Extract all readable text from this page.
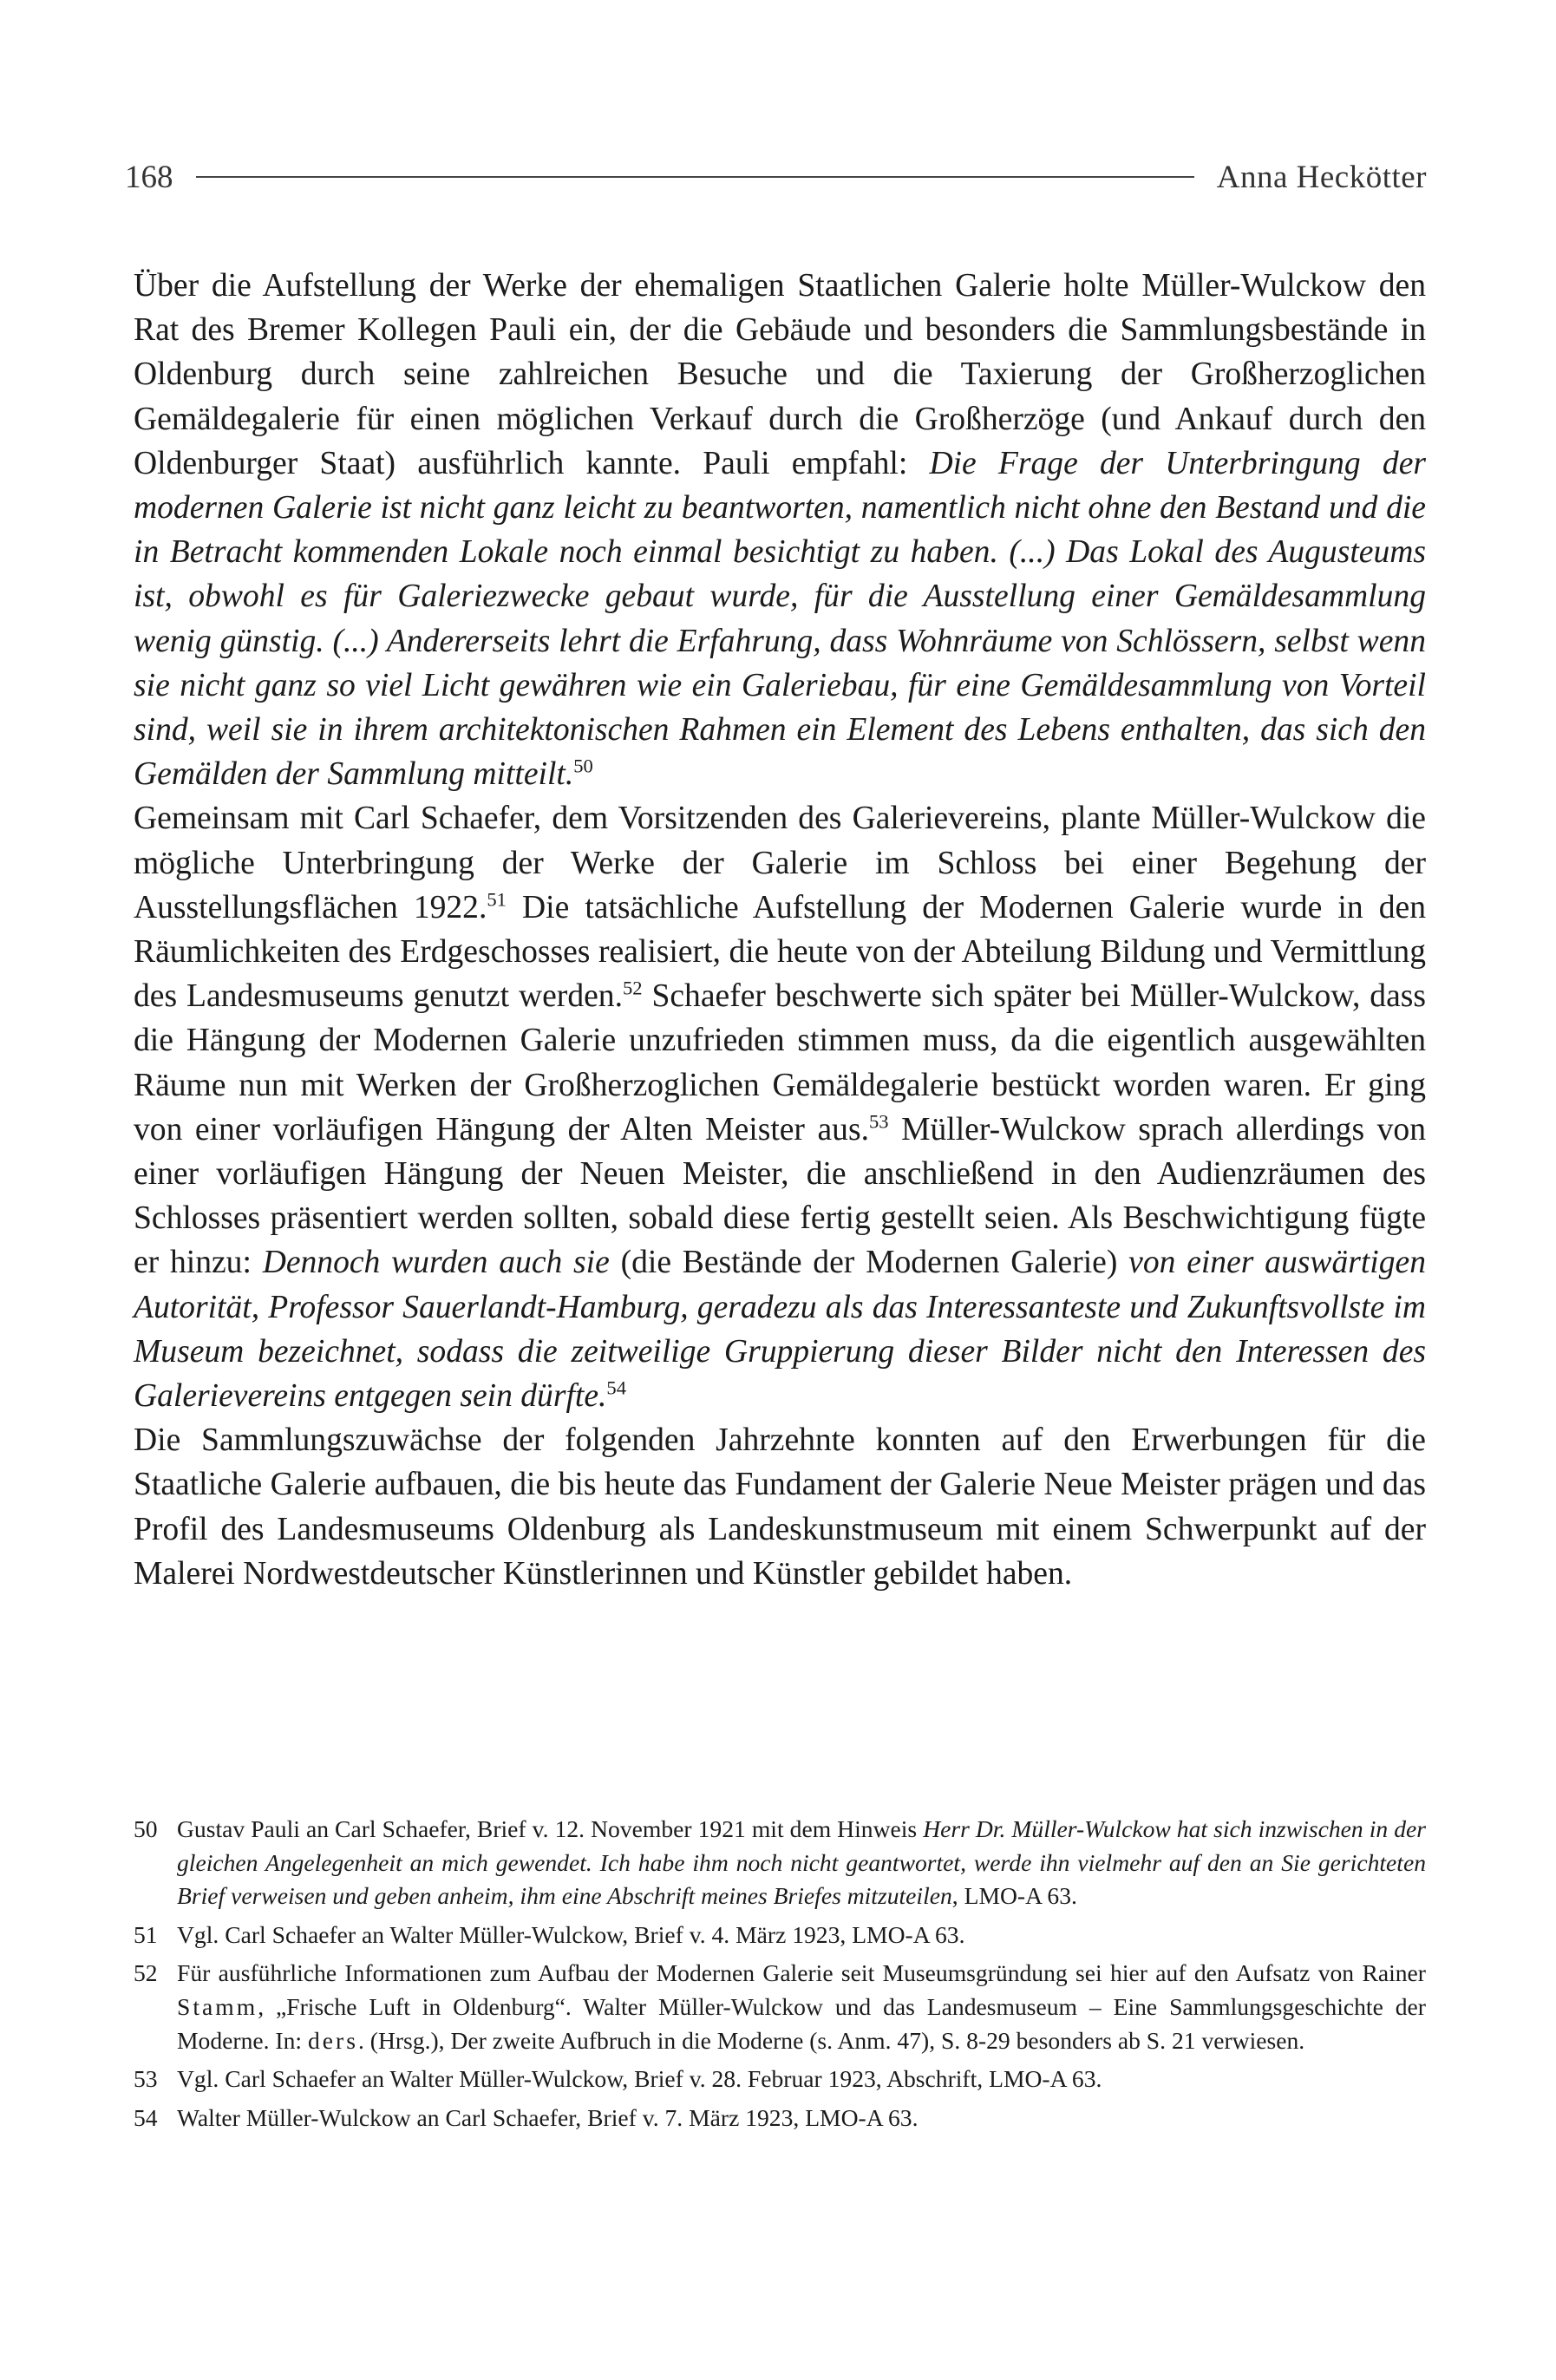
168	Anna Heckötter

Über die Aufstellung der Werke der ehemaligen Staatlichen Galerie holte Müller-Wulckow den Rat des Bremer Kollegen Pauli ein, der die Gebäude und besonders die Sammlungsbestände in Oldenburg durch seine zahlreichen Besuche und die Taxierung der Großherzoglichen Gemäldegalerie für einen möglichen Verkauf durch die Großherzöge (und Ankauf durch den Oldenburger Staat) ausführlich kannte. Pauli empfahl: Die Frage der Unterbringung der modernen Galerie ist nicht ganz leicht zu beantworten, namentlich nicht ohne den Bestand und die in Betracht kommenden Lokale noch einmal besichtigt zu haben. (...) Das Lokal des Augusteums ist, obwohl es für Galeriezwecke gebaut wurde, für die Ausstellung einer Gemäldesammlung wenig günstig. (...) Andererseits lehrt die Erfahrung, dass Wohnräume von Schlössern, selbst wenn sie nicht ganz so viel Licht gewähren wie ein Galeriebau, für eine Gemäldesammlung von Vorteil sind, weil sie in ihrem architektonischen Rahmen ein Element des Lebens enthalten, das sich den Gemälden der Sammlung mitteilt.$^{50}$

Gemeinsam mit Carl Schaefer, dem Vorsitzenden des Galerievereins, plante Müller-Wulckow die mögliche Unterbringung der Werke der Galerie im Schloss bei einer Begehung der Ausstellungsflächen 1922.51 Die tatsächliche Aufstellung der Modernen Galerie wurde in den Räumlichkeiten des Erdgeschosses realisiert, die heute von der Abteilung Bildung und Vermittlung des Landesmuseums genutzt werden.$^{52}$ Schaefer beschwerte sich später bei Müller-Wulckow, dass die Hängung der Modernen Galerie unzufrieden stimmen muss, da die eigentlich ausgewählten Räume nun mit Werken der Großherzoglichen Gemäldegalerie bestückt worden waren. Er ging von einer vorläufigen Hängung der Alten Meister aus.$^{53}$ Müller-Wulckow sprach allerdings von einer vorläufigen Hängung der Neuen Meister, die anschließend in den Audienzräumen des Schlosses präsentiert werden sollten, sobald diese fertig gestellt seien. Als Beschwichtigung fügte er hinzu: Dennoch wurden auch sie (die Bestände der Modernen Galerie) von einer auswärtigen Autorität, Professor Sauerlandt-Hamburg, geradezu als das Interessanteste und Zukunftsvollste im Museum bezeichnet, sodass die zeitweilige Gruppierung dieser Bilder nicht den Interessen des Galerievereins entgegen sein dürfte.$^{54}$

Die Sammlungszuwächse der folgenden Jahrzehnte konnten auf den Erwerbungen für die Staatliche Galerie aufbauen, die bis heute das Fundament der Galerie Neue Meister prägen und das Profil des Landesmuseums Oldenburg als Landeskunstmuseum mit einem Schwerpunkt auf der Malerei Nordwestdeutscher Künstlerinnen und Künstler gebildet haben.

50 Gustav Pauli an Carl Schaefer, Brief v. 12. November 1921 mit dem Hinweis Herr Dr. Müller-Wulckow hat sich inzwischen in der gleichen Angelegenheit an mich gewendet. Ich habe ihm noch nicht geantwortet, werde ihn vielmehr auf den an Sie gerichteten Brief verweisen und geben anheim, ihm eine Abschrift meines Briefes mitzuteilen, LMO-A 63.
51 Vgl. Carl Schaefer an Walter Müller-Wulckow, Brief v. 4. März 1923, LMO-A 63.
52 Für ausführliche Informationen zum Aufbau der Modernen Galerie seit Museumsgründung sei hier auf den Aufsatz von Rainer Stamm, „Frische Luft in Oldenburg“. Walter Müller-Wulckow und das Landesmuseum – Eine Sammlungsgeschichte der Moderne. In: ders. (Hrsg.), Der zweite Aufbruch in die Moderne (s. Anm. 47), S. 8-29 besonders ab S. 21 verwiesen.
53 Vgl. Carl Schaefer an Walter Müller-Wulckow, Brief v. 28. Februar 1923, Abschrift, LMO-A 63.
54 Walter Müller-Wulckow an Carl Schaefer, Brief v. 7. März 1923, LMO-A 63.
